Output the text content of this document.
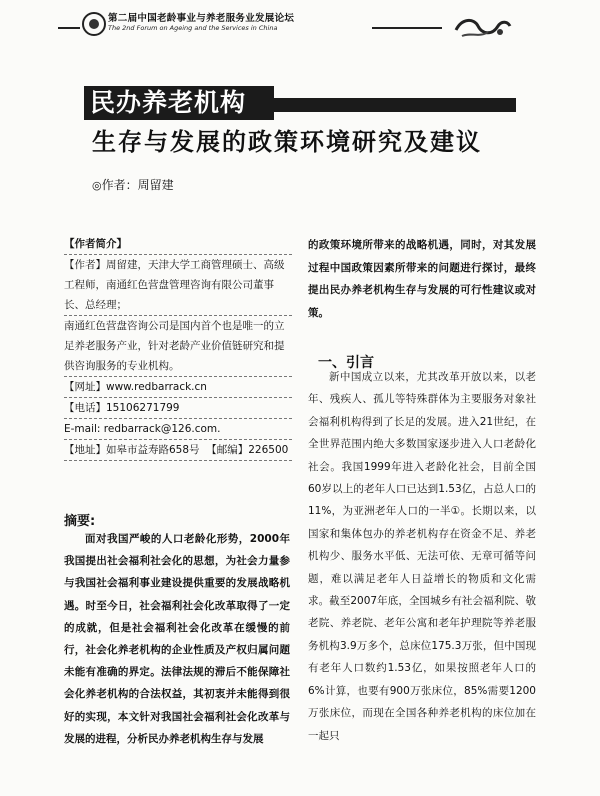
第二届中国老龄事业与养老服务业发展论坛
The 2nd Forum on Ageing and the Services in China
民办养老机构
生存与发展的政策环境研究及建议
◎作者：周留建

【作者简介】

【作者】周留建，天津大学工商管理硕士、高级工程师，南通红色营盘管理咨询有限公司董事长、总经理；

南通红色营盘咨询公司是国内首个也是唯一的立足养老服务产业，针对老龄产业价值链研究和提供咨询服务的专业机构。

【网址】www.redbarrack.cn

【电话】15106271799

E-mail: redbarrack@126.com.

【地址】如皋市益寿路658号 【邮编】226500

摘要:

面对我国严峻的人口老龄化形势，2000年我国提出社会福利社会化的思想，为社会力量参与我国社会福利事业建设提供重要的发展战略机遇。时至今日，社会福利社会化改革取得了一定的成就，但是社会福利社会化改革在缓慢的前行，社会化养老机构的企业性质及产权归属问题未能有准确的界定。法律法规的滞后不能保障社会化养老机构的合法权益，其初衷并未能得到很好的实现，本文针对我国社会福利社会化改革与发展的进程，分析民办养老机构生存与发展

的政策环境所带来的战略机遇，同时，对其发展过程中国政策因素所带来的问题进行探讨，最终提出民办养老机构生存与发展的可行性建议或对策。
一、引言

新中国成立以来，尤其改革开放以来，以老年、残疾人、孤儿等特殊群体为主要服务对象社会福利机构得到了长足的发展。进入21世纪，在全世界范围内绝大多数国家逐步进入人口老龄化社会。我国1999年进入老龄化社会，目前全国60岁以上的老年人口已达到1.53亿，占总人口的11%，为亚洲老年人口的一半①。长期以来，以国家和集体包办的养老机构存在资金不足、养老机构少、服务水平低、无法可依、无章可循等问题，难以满足老年人日益增长的物质和文化需求。截至2007年底，全国城乡有社会福利院、敬老院、养老院、老年公寓和老年护理院等养老服务机构3.9万多个，总床位175.3万张，但中国现有老年人口数约1.53亿，如果按照老年人口的6%计算，也要有900万张床位，85%需要1200万张床位，而现在全国各种养老机构的床位加在一起只
